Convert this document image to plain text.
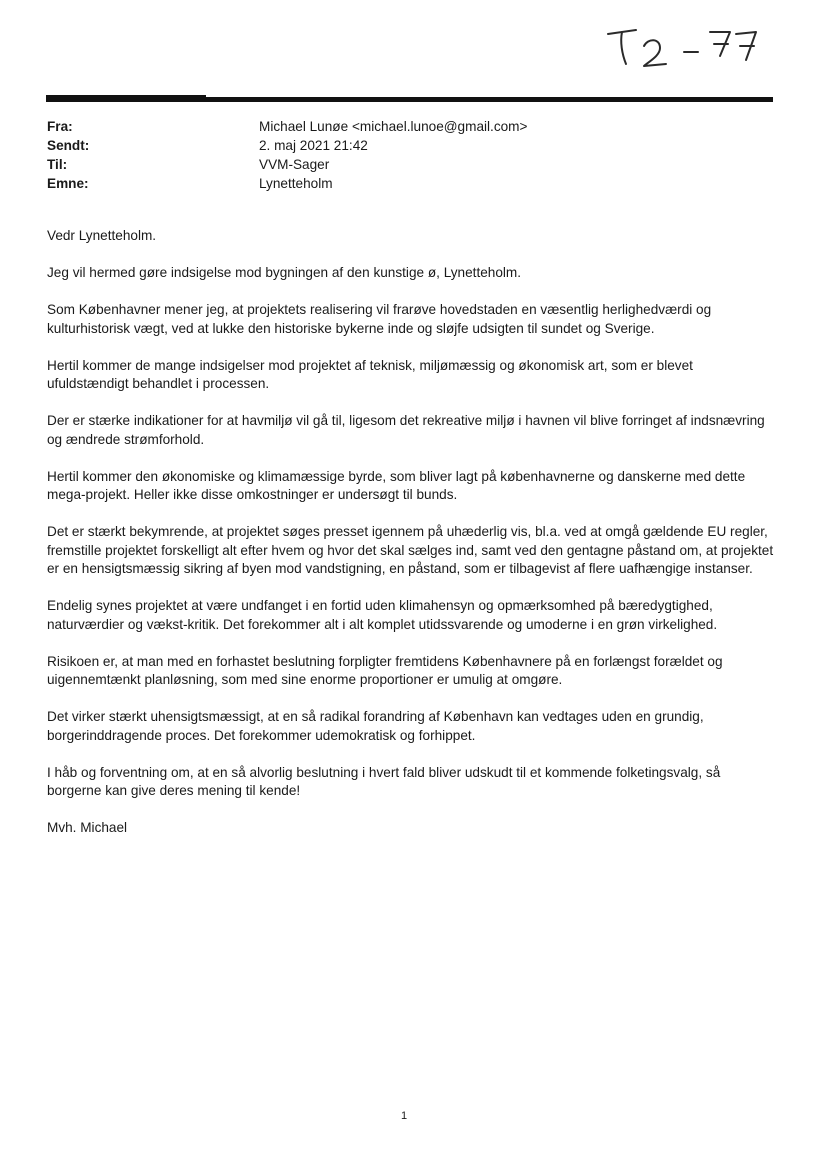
Fra:	Michael Lunøe <michael.lunoe@gmail.com>
Sendt:	2. maj 2021 21:42
Til:	VVM-Sager
Emne:	Lynetteholm

Vedr Lynetteholm.

Jeg vil hermed gøre indsigelse mod bygningen af den kunstige ø, Lynetteholm.

Som Københavner mener jeg, at projektets realisering vil frarøve hovedstaden en væsentlig herlighedværdi og kulturhistorisk vægt, ved at lukke den historiske bykerne inde og sløjfe udsigten til sundet og Sverige.

Hertil kommer de mange indsigelser mod projektet af teknisk, miljømæssig og økonomisk art, som er blevet ufuldstændigt behandlet i processen.

Der er stærke indikationer for at havmiljø vil gå til, ligesom det rekreative miljø i havnen vil blive forringet af indsnævring og ændrede strømforhold.

Hertil kommer den økonomiske og klimamæssige byrde, som bliver lagt på københavnerne og danskerne med dette mega-projekt. Heller ikke disse omkostninger er undersøgt til bunds.

Det er stærkt bekymrende, at projektet søges presset igennem på uhæderlig vis, bl.a. ved at omgå gældende EU regler, fremstille projektet forskelligt alt efter hvem og hvor det skal sælges ind, samt ved den gentagne påstand om, at projektet er en hensigtsmæssig sikring af byen mod vandstigning, en påstand, som er tilbagevist af flere uafhængige instanser.

Endelig synes projektet at være undfanget i en fortid uden klimahensyn og opmærksomhed på bæredygtighed, naturværdier og vækst-kritik. Det forekommer alt i alt komplet utidssvarende og umoderne i en grøn virkelighed.

Risikoen er, at man med en forhastet beslutning forpligter fremtidens Københavnere på en forlængst forældet og uigennemtænkt planløsning, som med sine enorme proportioner er umulig at omgøre.

Det virker stærkt uhensigtsmæssigt, at en så radikal forandring af København kan vedtages uden en grundig, borgerinddragende proces. Det forekommer udemokratisk og forhippet.

I håb og forventning om, at en så alvorlig beslutning i hvert fald bliver udskudt til et kommende folketingsvalg, så borgerne kan give deres mening til kende!

Mvh. Michael

1
